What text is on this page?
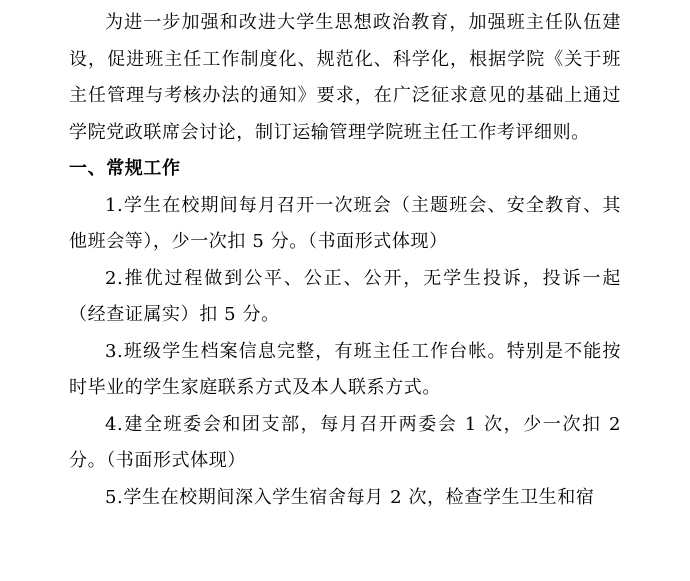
为进一步加强和改进大学生思想政治教育，加强班主任队伍建设，促进班主任工作制度化、规范化、科学化，根据学院《关于班主任管理与考核办法的通知》要求，在广泛征求意见的基础上通过学院党政联席会讨论，制订运输管理学院班主任工作考评细则。

一、常规工作

1.学生在校期间每月召开一次班会（主题班会、安全教育、其他班会等），少一次扣 5 分。（书面形式体现）

2.推优过程做到公平、公正、公开，无学生投诉，投诉一起（经查证属实）扣 5 分。

3.班级学生档案信息完整，有班主任工作台帐。特别是不能按时毕业的学生家庭联系方式及本人联系方式。

4.建全班委会和团支部，每月召开两委会 1 次，少一次扣 2 分。（书面形式体现）

5.学生在校期间深入学生宿舍每月 2 次，检查学生卫生和宿
